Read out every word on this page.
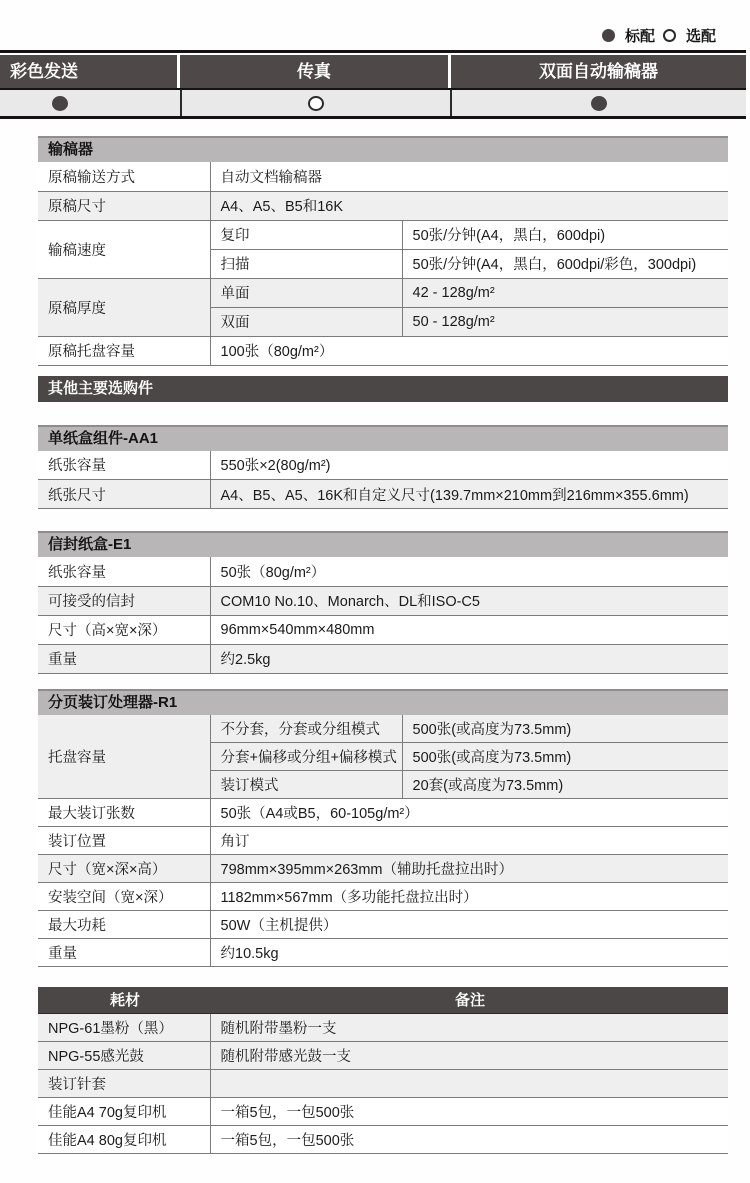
标配 选配
彩色发送	传真	双面自动输稿器
输稿器
原稿输送方式	自动文档输稿器	
原稿尺寸	A4、A5、B5和16K	
输稿速度	复印	50张/分钟(A4，黑白，600dpi)
	扫描	50张/分钟(A4，黑白，600dpi/彩色，300dpi)
原稿厚度	单面	42 - 128g/m²
	双面	50 - 128g/m²
原稿托盘容量	100张（80g/m²）	
其他主要选购件
单纸盒组件-AA1
纸张容量	550张×2(80g/m²)
纸张尺寸	A4、B5、A5、16K和自定义尺寸(139.7mm×210mm到216mm×355.6mm)
信封纸盒-E1
纸张容量	50张（80g/m²）
可接受的信封	COM10 No.10、Monarch、DL和ISO-C5
尺寸（高×宽×深）	96mm×540mm×480mm
重量	约2.5kg
分页装订处理器-R1
托盘容量	不分套，分套或分组模式	500张(或高度为73.5mm)
	分套+偏移或分组+偏移模式	500张(或高度为73.5mm)
	装订模式	20套(或高度为73.5mm)
最大装订张数	50张（A4或B5，60-105g/m²）	
装订位置	角订	
尺寸（宽×深×高）	798mm×395mm×263mm（辅助托盘拉出时）	
安装空间（宽×深）	1182mm×567mm（多功能托盘拉出时）	
最大功耗	50W（主机提供）	
重量	约10.5kg	
耗材	备注
NPG-61墨粉（黑）	随机附带墨粉一支
NPG-55感光鼓	随机附带感光鼓一支
装订针套	
佳能A4 70g复印机	一箱5包，一包500张
佳能A4 80g复印机	一箱5包，一包500张
